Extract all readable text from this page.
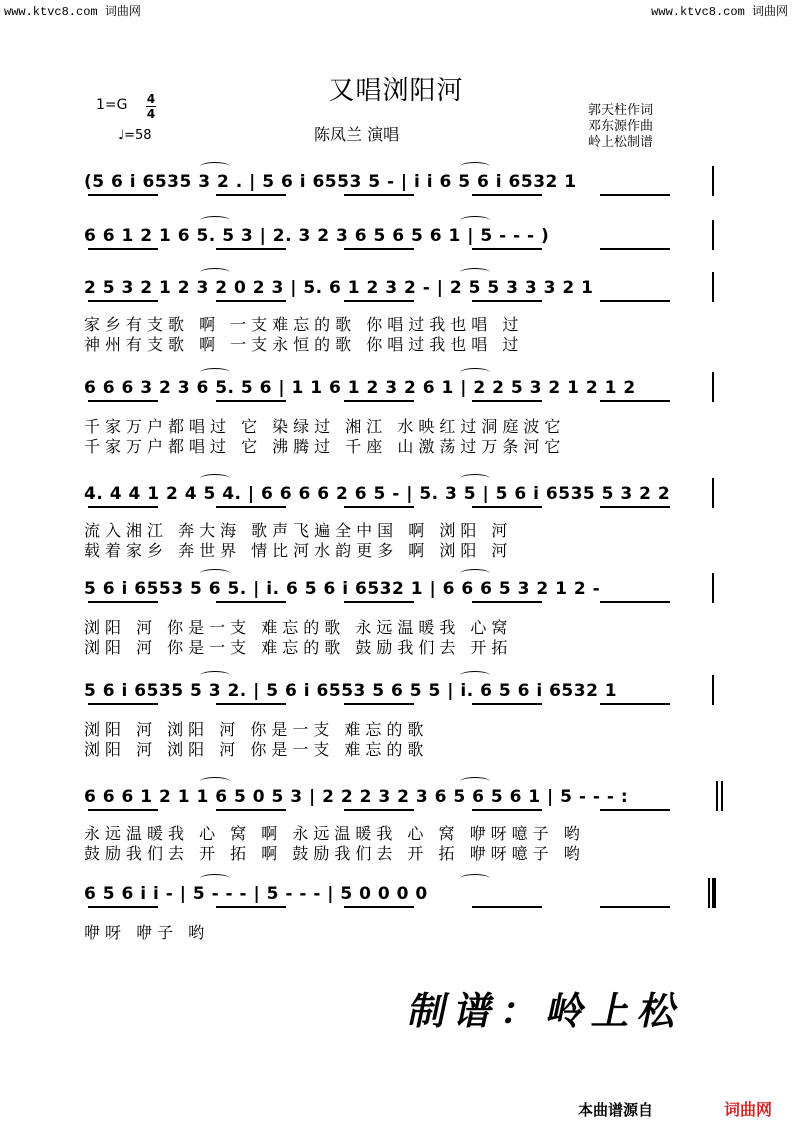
www.ktvc8.com 词曲网	www.ktvc8.com 词曲网
又唱浏阳河
陈凤兰 演唱
1=G 4
4
♩=58
郭天柱作词
邓东源作曲
岭上松制谱
(5 6 i 6535 3 2 . | 5 6 i 6553 5 - | i i 6 5 6 i 6532 1
6 6 1 2 1 6 5. 5 3 | 2. 3 2 3 6 5 6 5 6 1 | 5 - - - )
2 5 3 2 1 2 3 2 0 2 3 | 5. 6 1 2 3 2 - | 2 5 5 3 3 3 2 1
家乡有支歌 啊 一支难忘的歌 你唱过我也唱 过
神州有支歌 啊 一支永恒的歌 你唱过我也唱 过
6 6 6 3 2 3 6 5. 5 6 | 1 1 6 1 2 3 2 6 1 | 2 2 5 3 2 1 2 1 2
千家万户都唱过 它 染绿过 湘江 水映红过洞庭波它
千家万户都唱过 它 沸腾过 千座 山激荡过万条河它
4. 4 4 1 2 4 5 4. | 6 6 6 6 2 6 5 - | 5. 3 5 | 5 6 i 6535 5 3 2 2
流入湘江 奔大海 歌声飞遍全中国 啊 浏阳 河
载着家乡 奔世界 情比河水韵更多 啊 浏阳 河
5 6 i 6553 5 6 5. | i. 6 5 6 i 6532 1 | 6 6 6 5 3 2 1 2 -
浏阳 河 你是一支 难忘的歌 永远温暖我 心窝
浏阳 河 你是一支 难忘的歌 鼓励我们去 开拓
5 6 i 6535 5 3 2. | 5 6 i 6553 5 6 5 5 | i. 6 5 6 i 6532 1
浏阳 河 浏阳 河 你是一支 难忘的歌
浏阳 河 浏阳 河 你是一支 难忘的歌
6 6 6 1 2 1 1 6 5 0 5 3 | 2 2 2 3 2 3 6 5 6 5 6 1 | 5 - - - :
永远温暖我 心 窝 啊 永远温暖我 心 窝 咿呀噫子 哟
鼓励我们去 开 拓 啊 鼓励我们去 开 拓 咿呀噫子 哟
6 5 6 i i - | 5 - - - | 5 - - - | 5 0 0 0 0
咿呀 咿子 哟
制谱：岭上松
本曲谱源自	词曲网
